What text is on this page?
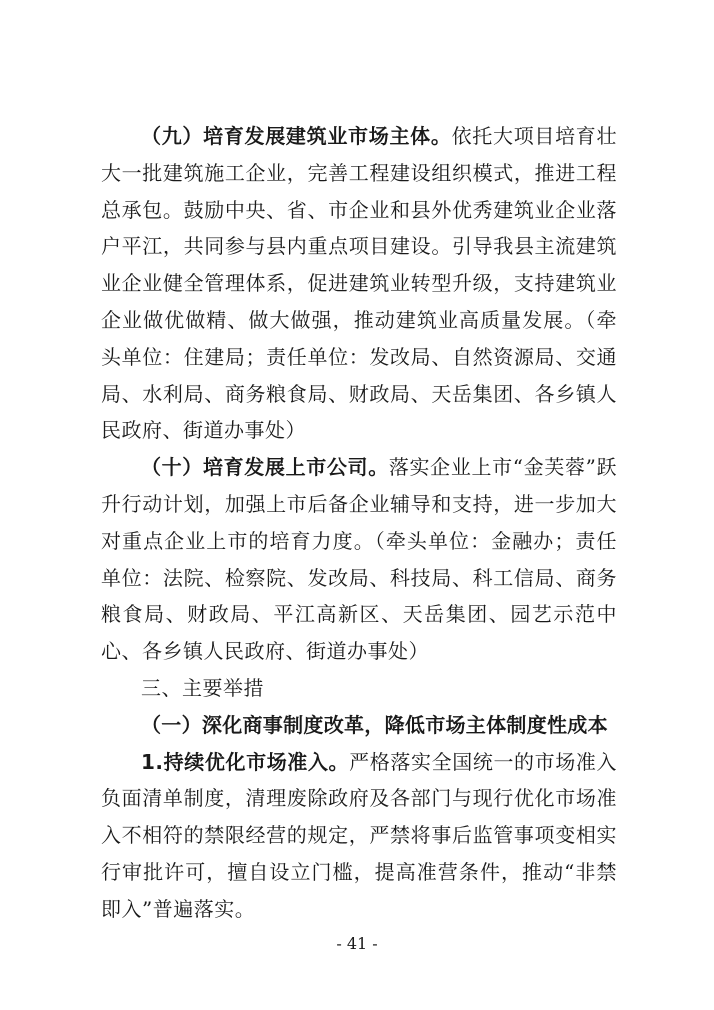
（九）培育发展建筑业市场主体。依托大项目培育壮大一批建筑施工企业，完善工程建设组织模式，推进工程总承包。鼓励中央、省、市企业和县外优秀建筑业企业落户平江，共同参与县内重点项目建设。引导我县主流建筑业企业健全管理体系，促进建筑业转型升级，支持建筑业企业做优做精、做大做强，推动建筑业高质量发展。（牵头单位：住建局；责任单位：发改局、自然资源局、交通局、水利局、商务粮食局、财政局、天岳集团、各乡镇人民政府、街道办事处）

（十）培育发展上市公司。落实企业上市“金芙蓉”跃升行动计划，加强上市后备企业辅导和支持，进一步加大对重点企业上市的培育力度。（牵头单位：金融办；责任单位：法院、检察院、发改局、科技局、科工信局、商务粮食局、财政局、平江高新区、天岳集团、园艺示范中心、各乡镇人民政府、街道办事处）

三、主要举措

（一）深化商事制度改革，降低市场主体制度性成本

1.持续优化市场准入。严格落实全国统一的市场准入负面清单制度，清理废除政府及各部门与现行优化市场准入不相符的禁限经营的规定，严禁将事后监管事项变相实行审批许可，擅自设立门槛，提高准营条件，推动“非禁即入”普遍落实。

- 41 -
